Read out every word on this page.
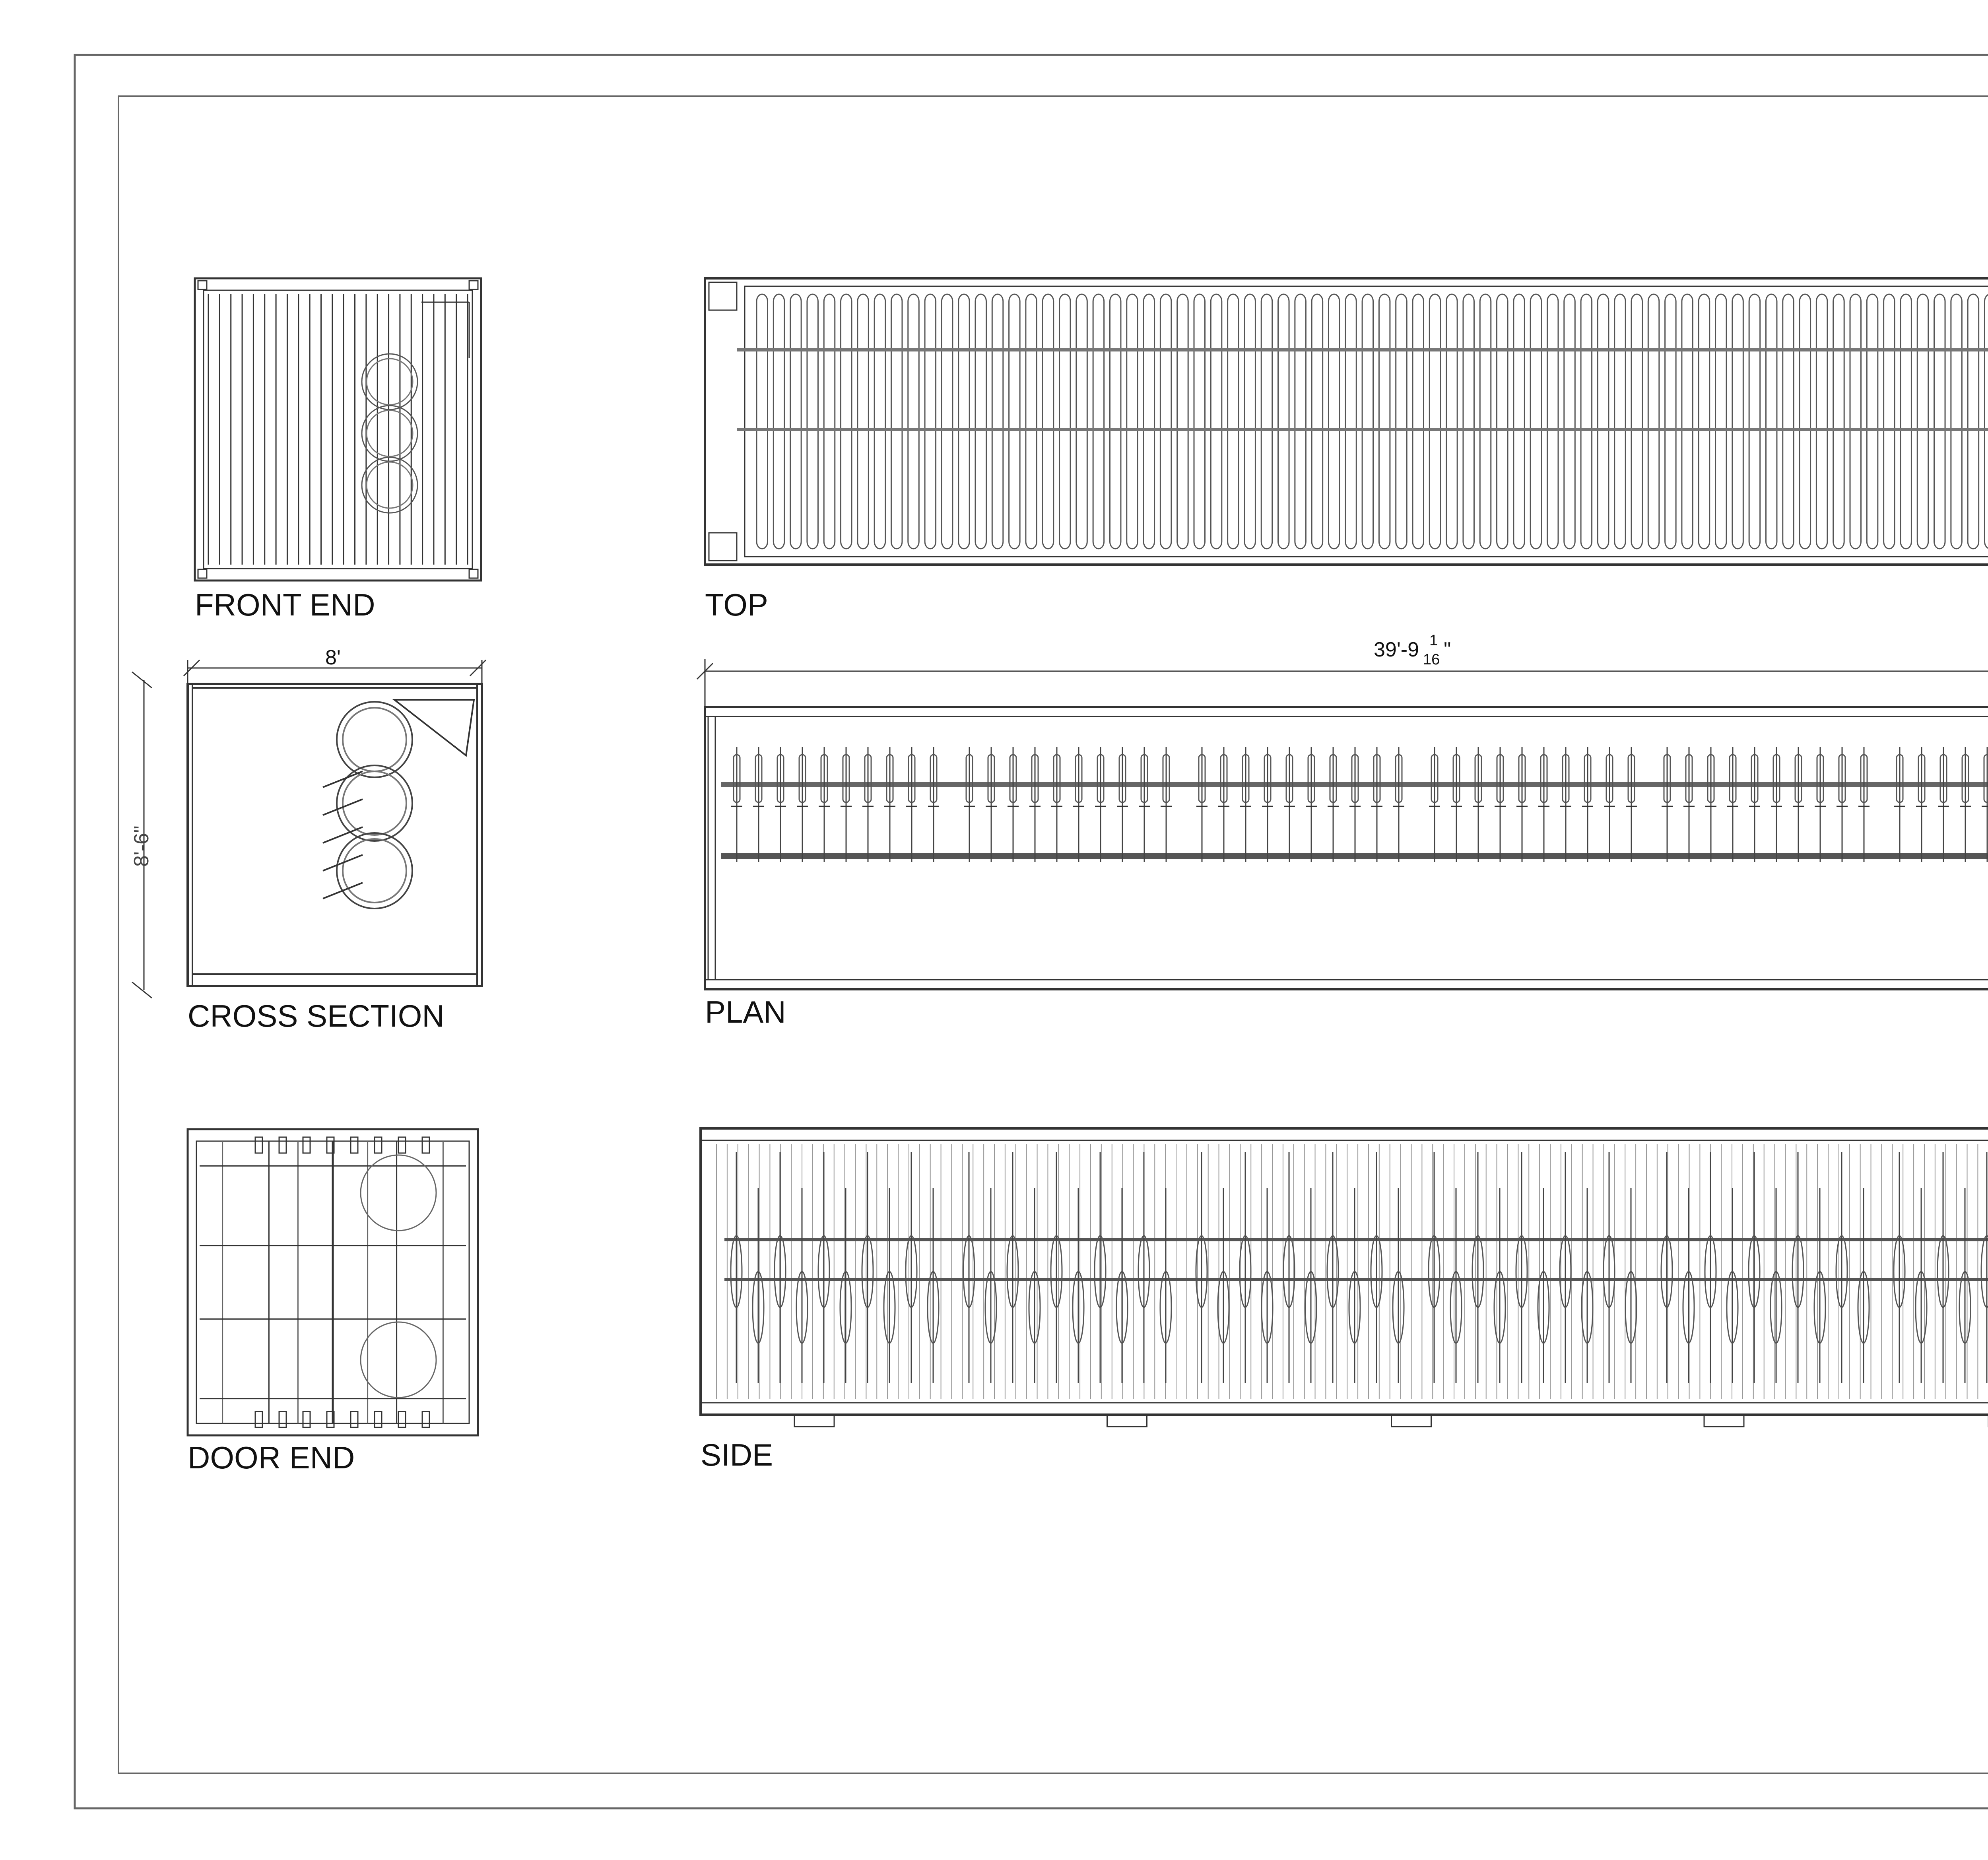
FRONT END	TOP
CROSS SECTION	PLAN
DOOR END	SIDE
8'
8'-6"
39'-9 1
16 "
